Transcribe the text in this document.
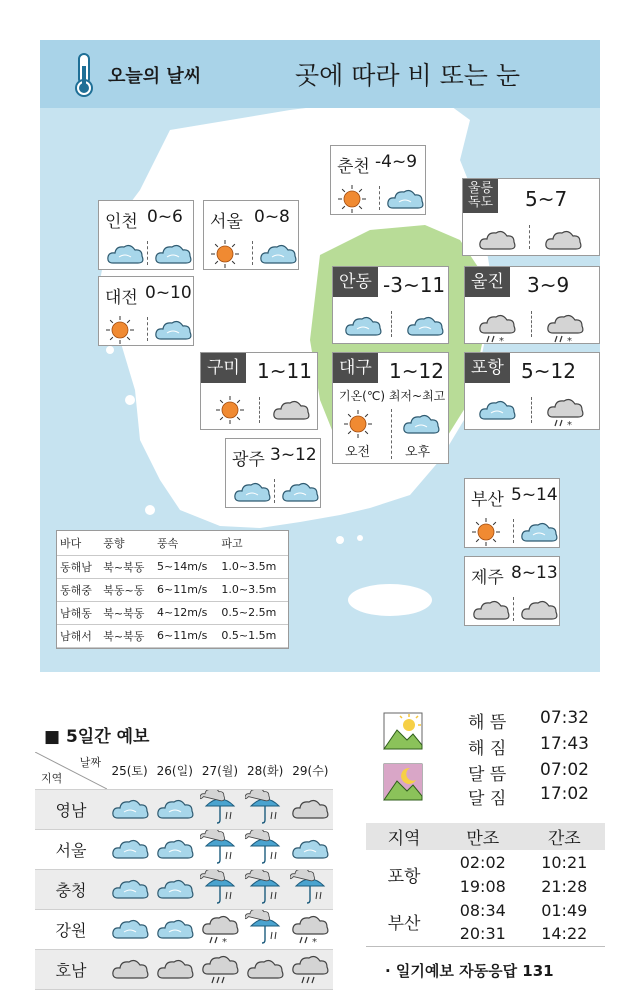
오늘의 날씨	곳에 따라 비 또는 눈
춘천 -4~9
인천 0~6 서울 0~8
울릉
독도 5~7
대전 0~10
안동 -3~11	울진	3~9
*	*
구미 1~11	대구 1~12
기온(℃) 최저~최고
오전	오후
포항 5~12
*
광주 3~12
부산 5~14
제주 8~13
바다	풍향	풍속	파고
동해남	북~북동	5~14m/s	1.0~3.5m
동해중	북동~동	6~11m/s	1.0~3.5m
남해동	북~북동	4~12m/s	0.5~2.5m
남해서	북~북동	6~11m/s	0.5~1.5m
■ 5일간 예보
날짜
지역	25(토)	26(일)	27(월)	28(화)	29(수)
영남					
서울					
충청					
강원			*		*

호남					
해 뜸 07:32
해 짐 17:43
달 뜸 07:02
달 짐 17:02
지역	만조	간조
포항	02:02	10:21
	19:08	21:28
부산	08:34	01:49
	20:31	14:22
· 일기예보 자동응답 131
